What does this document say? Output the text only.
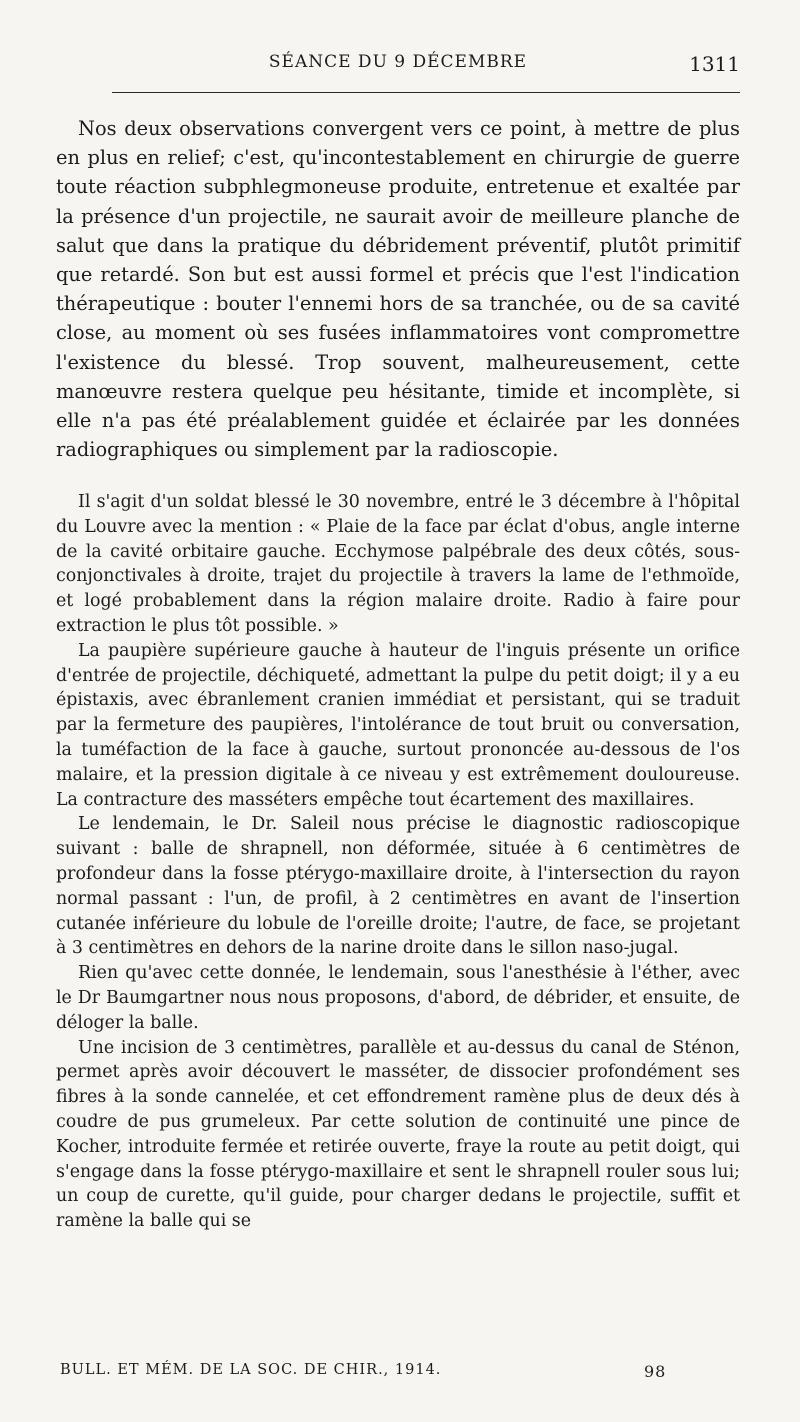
SÉANCE DU 9 DÉCEMBRE	1311

Nos deux observations convergent vers ce point, à mettre de plus en plus en relief; c'est, qu'incontestablement en chirurgie de guerre toute réaction subphlegmoneuse produite, entretenue et exaltée par la présence d'un projectile, ne saurait avoir de meilleure planche de salut que dans la pratique du débridement préventif, plutôt primitif que retardé. Son but est aussi formel et précis que l'est l'indication thérapeutique : bouter l'ennemi hors de sa tranchée, ou de sa cavité close, au moment où ses fusées inflammatoires vont compromettre l'existence du blessé. Trop souvent, malheureusement, cette manœuvre restera quelque peu hésitante, timide et incomplète, si elle n'a pas été préalablement guidée et éclairée par les données radiographiques ou simplement par la radioscopie.

Il s'agit d'un soldat blessé le 30 novembre, entré le 3 décembre à l'hôpital du Louvre avec la mention : « Plaie de la face par éclat d'obus, angle interne de la cavité orbitaire gauche. Ecchymose palpébrale des deux côtés, sous-conjonctivales à droite, trajet du projectile à travers la lame de l'ethmoïde, et logé probablement dans la région malaire droite. Radio à faire pour extraction le plus tôt possible. »

La paupière supérieure gauche à hauteur de l'inguis présente un orifice d'entrée de projectile, déchiqueté, admettant la pulpe du petit doigt; il y a eu épistaxis, avec ébranlement cranien immédiat et persistant, qui se traduit par la fermeture des paupières, l'intolérance de tout bruit ou conversation, la tuméfaction de la face à gauche, surtout prononcée au-dessous de l'os malaire, et la pression digitale à ce niveau y est extrêmement douloureuse. La contracture des masséters empêche tout écartement des maxillaires.

Le lendemain, le Dr. Saleil nous précise le diagnostic radioscopique suivant : balle de shrapnell, non déformée, située à 6 centimètres de profondeur dans la fosse ptérygo-maxillaire droite, à l'intersection du rayon normal passant : l'un, de profil, à 2 centimètres en avant de l'insertion cutanée inférieure du lobule de l'oreille droite; l'autre, de face, se projetant à 3 centimètres en dehors de la narine droite dans le sillon naso-jugal.

Rien qu'avec cette donnée, le lendemain, sous l'anesthésie à l'éther, avec le Dr Baumgartner nous nous proposons, d'abord, de débrider, et ensuite, de déloger la balle.

Une incision de 3 centimètres, parallèle et au-dessus du canal de Sténon, permet après avoir découvert le masséter, de dissocier profondément ses fibres à la sonde cannelée, et cet effondrement ramène plus de deux dés à coudre de pus grumeleux. Par cette solution de continuité une pince de Kocher, introduite fermée et retirée ouverte, fraye la route au petit doigt, qui s'engage dans la fosse ptérygo-maxillaire et sent le shrapnell rouler sous lui; un coup de curette, qu'il guide, pour charger dedans le projectile, suffit et ramène la balle qui se

BULL. ET MÉM. DE LA SOC. DE CHIR., 1914.	98
